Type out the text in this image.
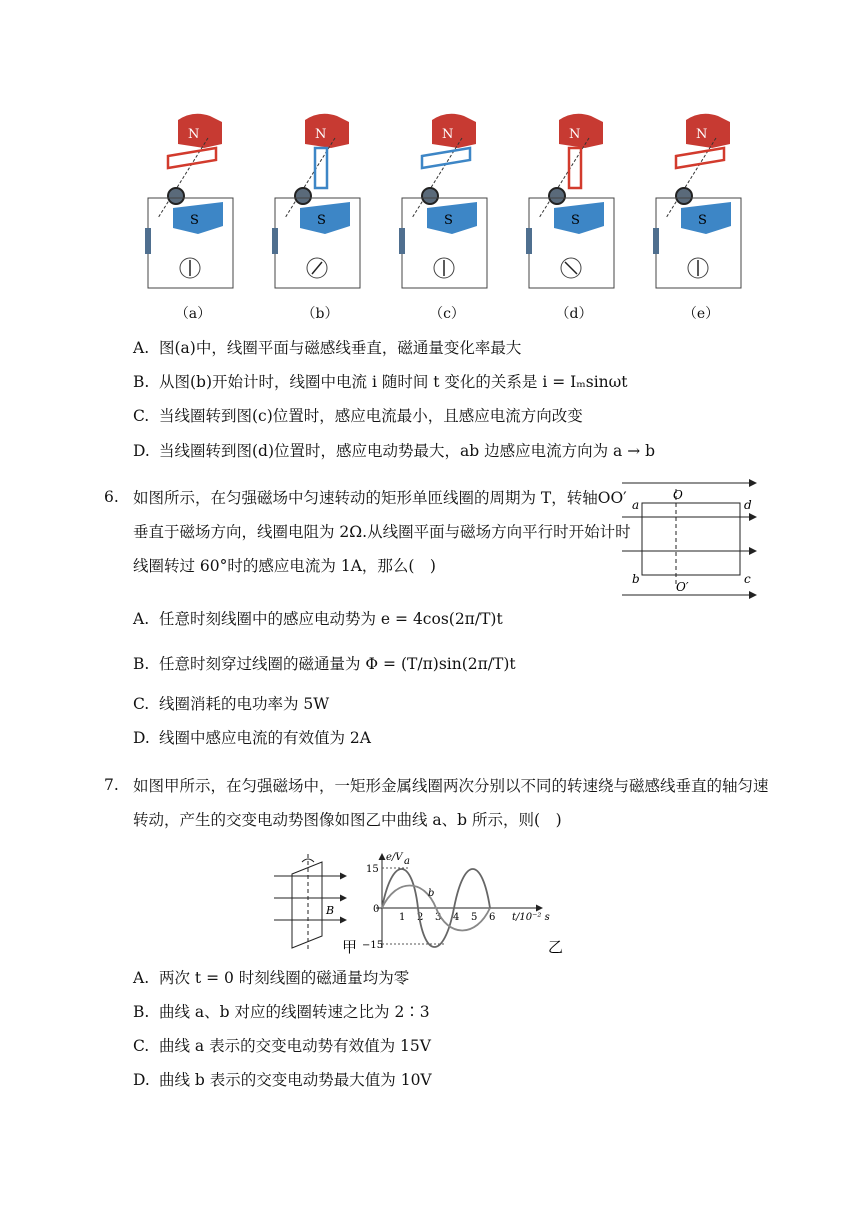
N
S
（a）
N
S
（b）
N
S
（c）
N
S
（d）
N
S
（e）
A. 图(a)中，线圈平面与磁感线垂直，磁通量变化率最大
B. 从图(b)开始计时，线圈中电流 i 随时间 t 变化的关系是 i = Iₘsinωt
C. 当线圈转到图(c)位置时，感应电流最小，且感应电流方向改变
D. 当线圈转到图(d)位置时，感应电动势最大，ab 边感应电流方向为 a → b
6. 如图所示，在匀强磁场中匀速转动的矩形单匝线圈的周期为 T，转轴OO′
垂直于磁场方向，线圈电阻为 2Ω.从线圈平面与磁场方向平行时开始计时
线圈转过 60°时的感应电流为 1A，那么(　)
O
O′
a
b	c
d
A. 任意时刻线圈中的感应电动势为 e = 4cos(2π/T)t
B. 任意时刻穿过线圈的磁通量为 Φ = (T/π)sin(2π/T)t
C. 线圈消耗的电功率为 5W
D. 线圈中感应电流的有效值为 2A
7. 如图甲所示，在匀强磁场中，一矩形金属线圈两次分别以不同的转速绕与磁感线垂直的轴匀速
转动，产生的交变电动势图像如图乙中曲线 a、b 所示，则(　)
B
甲
e/V
t/10⁻² s
15
0
−15
1 2 3 4 5 6
a
b
乙
A. 两次 t = 0 时刻线圈的磁通量均为零
B. 曲线 a、b 对应的线圈转速之比为 2∶3
C. 曲线 a 表示的交变电动势有效值为 15V
D. 曲线 b 表示的交变电动势最大值为 10V
